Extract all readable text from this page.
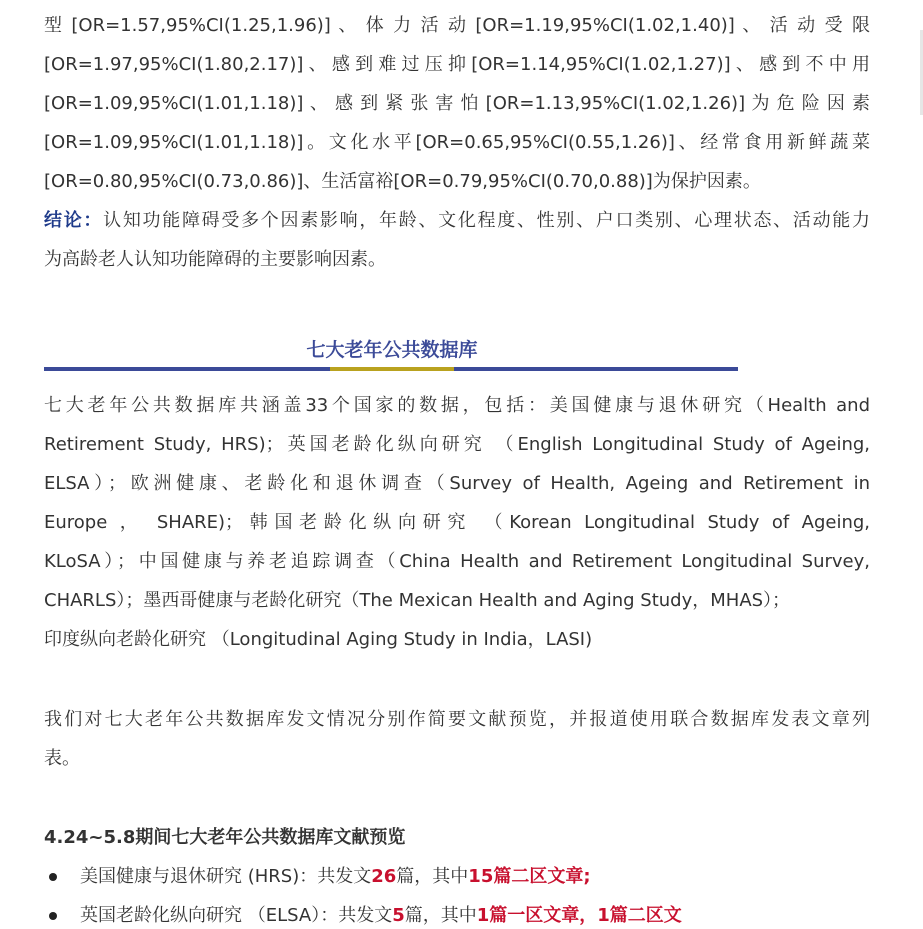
型 [OR=1.57,95%CI(1.25,1.96)] 、 体 力 活 动 [OR=1.19,95%CI(1.02,1.40)] 、 活 动 受 限
[OR=1.97,95%CI(1.80,2.17)]、感到难过压抑[OR=1.14,95%CI(1.02,1.27)]、感到不中用
[OR=1.09,95%CI(1.01,1.18)] 、 感 到 紧 张 害 怕 [OR=1.13,95%CI(1.02,1.26)] 为 危 险 因 素
[OR=1.09,95%CI(1.01,1.18)]。文化水平[OR=0.65,95%CI(0.55,1.26)]、经常食用新鲜蔬菜
[OR=0.80,95%CI(0.73,0.86)]、生活富裕[OR=0.79,95%CI(0.70,0.88)]为保护因素。
结论：认知功能障碍受多个因素影响，年龄、文化程度、性别、户口类别、心理状态、活动能力
为高龄老人认知功能障碍的主要影响因素。
七大老年公共数据库
七大老年公共数据库共涵盖33个国家的数据，包括：美国健康与退休研究（Health and
Retirement Study, HRS)；英国老龄化纵向研究 （English Longitudinal Study of Ageing,
ELSA）；欧洲健康、老龄化和退休调查（Survey of Health, Ageing and Retirement in
Europe ， SHARE)；韩国老龄化纵向研究 （Korean Longitudinal Study of Ageing,
KLoSA）；中国健康与养老追踪调查（China Health and Retirement Longitudinal Survey,
CHARLS）；墨西哥健康与老龄化研究（The Mexican Health and Aging Study，MHAS）；
印度纵向老龄化研究 （Longitudinal Aging Study in India，LASI)
我们对七大老年公共数据库发文情况分别作简要文献预览，并报道使用联合数据库发表文章列
表。
4.24~5.8期间七大老年公共数据库文献预览
美国健康与退休研究 (HRS)：共发文26篇，其中15篇二区文章;
英国老龄化纵向研究 （ELSA）：共发文5篇，其中1篇一区文章，1篇二区文
